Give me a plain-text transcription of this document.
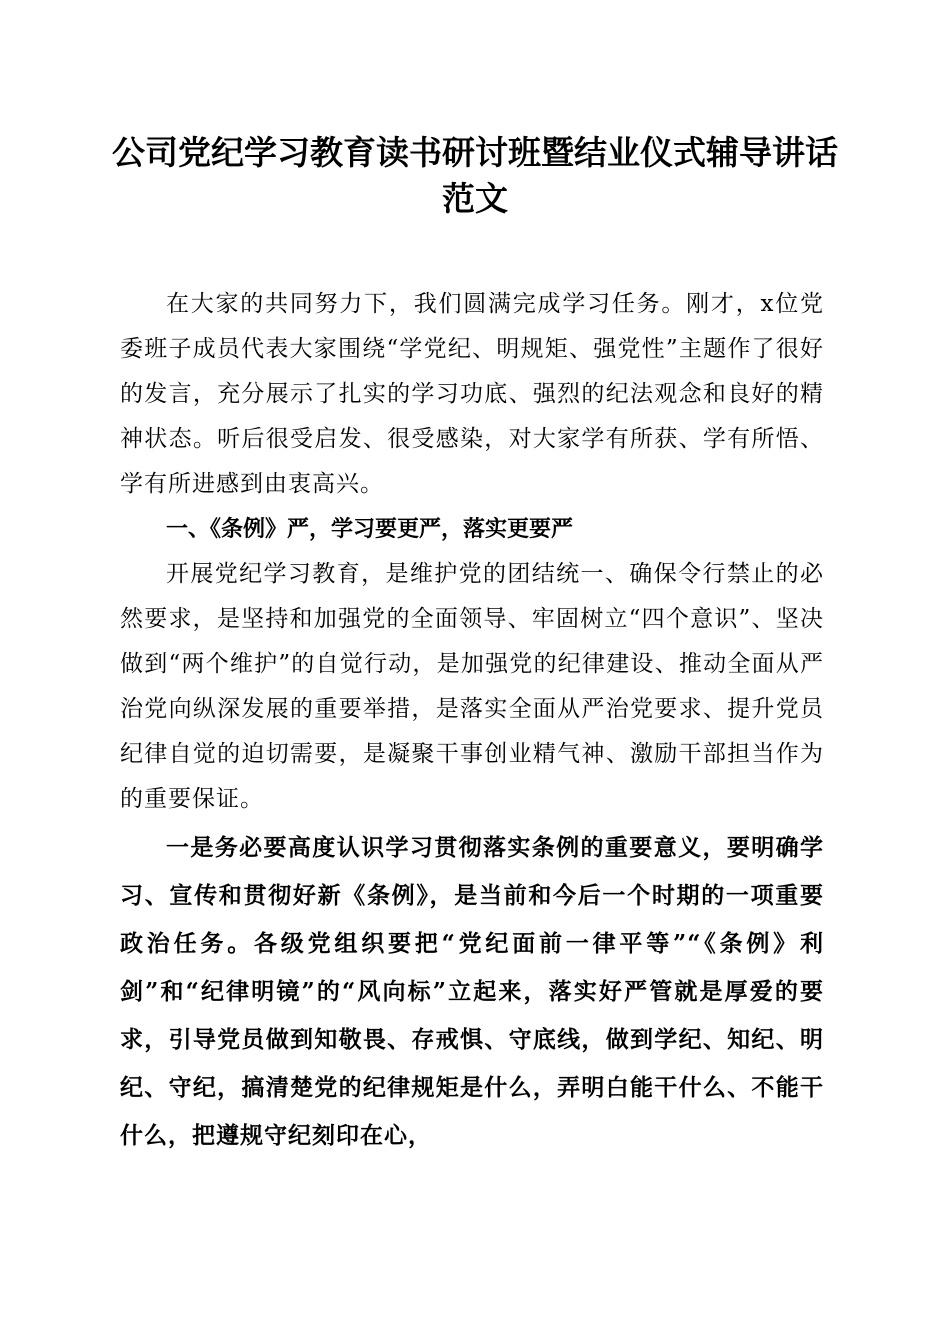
公司党纪学习教育读书研讨班暨结业仪式辅导讲话范文

在大家的共同努力下，我们圆满完成学习任务。刚才，x位党委班子成员代表大家围绕“学党纪、明规矩、强党性”主题作了很好的发言，充分展示了扎实的学习功底、强烈的纪法观念和良好的精神状态。听后很受启发、很受感染，对大家学有所获、学有所悟、学有所进感到由衷高兴。

一、《条例》严，学习要更严，落实更要严

开展党纪学习教育，是维护党的团结统一、确保令行禁止的必然要求，是坚持和加强党的全面领导、牢固树立“四个意识”、坚决做到“两个维护”的自觉行动，是加强党的纪律建设、推动全面从严治党向纵深发展的重要举措，是落实全面从严治党要求、提升党员纪律自觉的迫切需要，是凝聚干事创业精气神、激励干部担当作为的重要保证。

一是务必要高度认识学习贯彻落实条例的重要意义，要明确学习、宣传和贯彻好新《条例》，是当前和今后一个时期的一项重要政治任务。各级党组织要把“党纪面前一律平等”“《条例》利剑”和“纪律明镜”的“风向标”立起来，落实好严管就是厚爱的要求，引导党员做到知敬畏、存戒惧、守底线，做到学纪、知纪、明纪、守纪，搞清楚党的纪律规矩是什么，弄明白能干什么、不能干什么，把遵规守纪刻印在心，
